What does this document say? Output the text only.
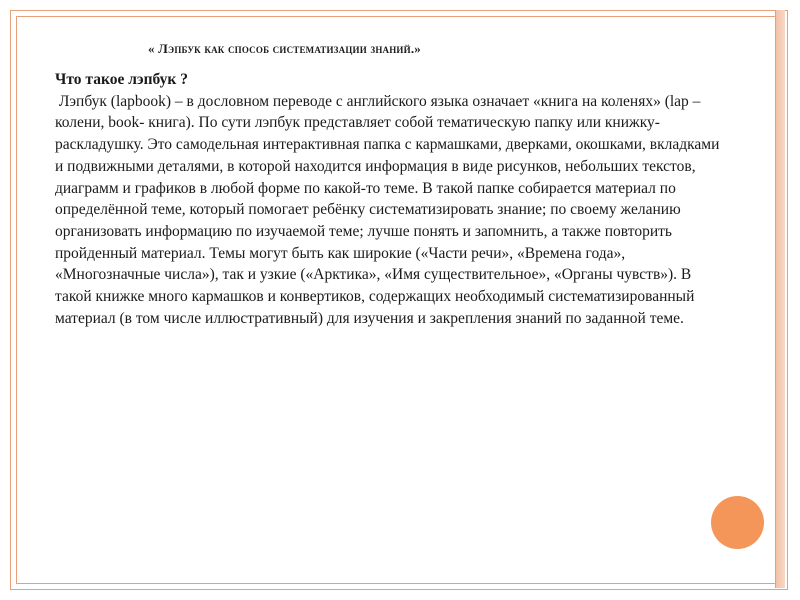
« Лэпбук как способ систематизации знаний.»
Что такое лэпбук ?
Лэпбук (lapbook) – в дословном переводе с английского языка означает «книга на коленях» (lap –колени, book- книга). По сути лэпбук представляет собой тематическую папку или книжку-раскладушку. Это самодельная интерактивная папка с кармашками, дверками, окошками, вкладками и подвижными деталями, в которой находится информация в виде рисунков, небольших текстов, диаграмм и графиков в любой форме по какой-то теме. В такой папке собирается материал по определённой теме, который помогает ребёнку систематизировать знание; по своему желанию организовать информацию по изучаемой теме; лучше понять и запомнить, а также повторить пройденный материал. Темы могут быть как широкие («Части речи», «Времена года», «Многозначные числа»), так и узкие («Арктика», «Имя существительное», «Органы чувств»). В такой книжке много кармашков и конвертиков, содержащих необходимый систематизированный материал (в том числе иллюстративный) для изучения и закрепления знаний по заданной теме.
